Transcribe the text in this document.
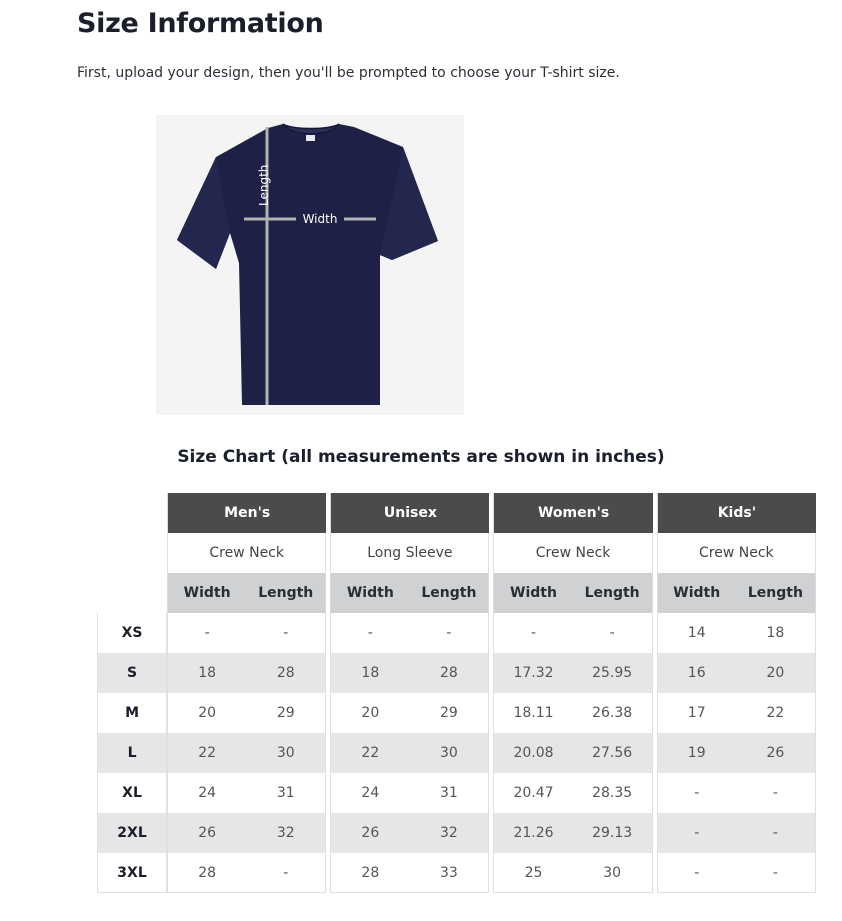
Size Information

First, upload your design, then you'll be prompted to choose your T-shirt size.

Length
Width
Size Chart (all measurements are shown in inches)
	Men's			Unisex			Women's			Kids'	
	Crew Neck			Long Sleeve			Crew Neck			Crew Neck	
	Width	Length		Width	Length		Width	Length		Width	Length
XS	-	-		-	-		-	-		14	18
S	18	28		18	28		17.32	25.95		16	20
M	20	29		20	29		18.11	26.38		17	22
L	22	30		22	30		20.08	27.56		19	26
XL	24	31		24	31		20.47	28.35		-	-
2XL	26	32		26	32		21.26	29.13		-	-
3XL	28	-		28	33		25	30		-	-
